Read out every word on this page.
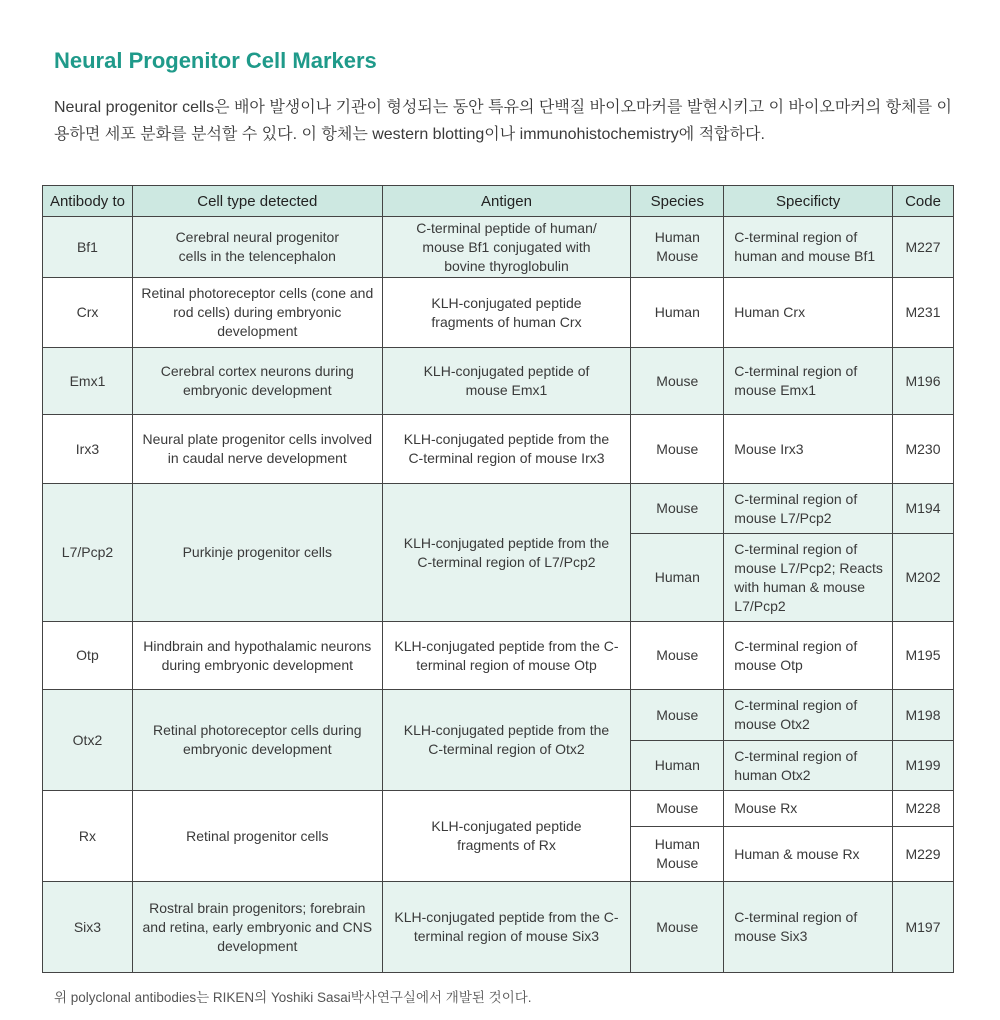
Neural Progenitor Cell Markers
Neural progenitor cells은 배아 발생이나 기관이 형성되는 동안 특유의 단백질 바이오마커를 발현시키고 이 바이오마커의 항체를 이용하면 세포 분화를 분석할 수 있다. 이 항체는 western blotting이나 immunohistochemistry에 적합하다.
Antibody to	Cell type detected	Antigen	Species	Specificty	Code
Bf1	Cerebral neural progenitor cells in the telencephalon	C-terminal peptide of human/ mouse Bf1 conjugated with bovine thyroglobulin	Human Mouse	C-terminal region of human and mouse Bf1	M227
Crx	Retinal photoreceptor cells (cone and rod cells) during embryonic development	KLH-conjugated peptide fragments of human Crx	Human	Human Crx	M231
Emx1	Cerebral cortex neurons during embryonic development	KLH-conjugated peptide of mouse Emx1	Mouse	C-terminal region of mouse Emx1	M196
Irx3	Neural plate progenitor cells involved in caudal nerve development	KLH-conjugated peptide from the C-terminal region of mouse Irx3	Mouse	Mouse Irx3	M230
L7/Pcp2	Purkinje progenitor cells	KLH-conjugated peptide from the C-terminal region of L7/Pcp2	Mouse	C-terminal region of mouse L7/Pcp2	M194
			Human	C-terminal region of mouse L7/Pcp2; Reacts with human & mouse L7/Pcp2	M202
Otp	Hindbrain and hypothalamic neurons during embryonic development	KLH-conjugated peptide from the C-terminal region of mouse Otp	Mouse	C-terminal region of mouse Otp	M195
Otx2	Retinal photoreceptor cells during embryonic development	KLH-conjugated peptide from the C-terminal region of Otx2	Mouse	C-terminal region of mouse Otx2	M198
			Human	C-terminal region of human Otx2	M199
Rx	Retinal progenitor cells	KLH-conjugated peptide fragments of Rx	Mouse	Mouse Rx	M228
			Human Mouse	Human & mouse Rx	M229
Six3	Rostral brain progenitors; forebrain and retina, early embryonic and CNS development	KLH-conjugated peptide from the C-terminal region of mouse Six3	Mouse	C-terminal region of mouse Six3	M197
위 polyclonal antibodies는 RIKEN의 Yoshiki Sasai박사연구실에서 개발된 것이다.
